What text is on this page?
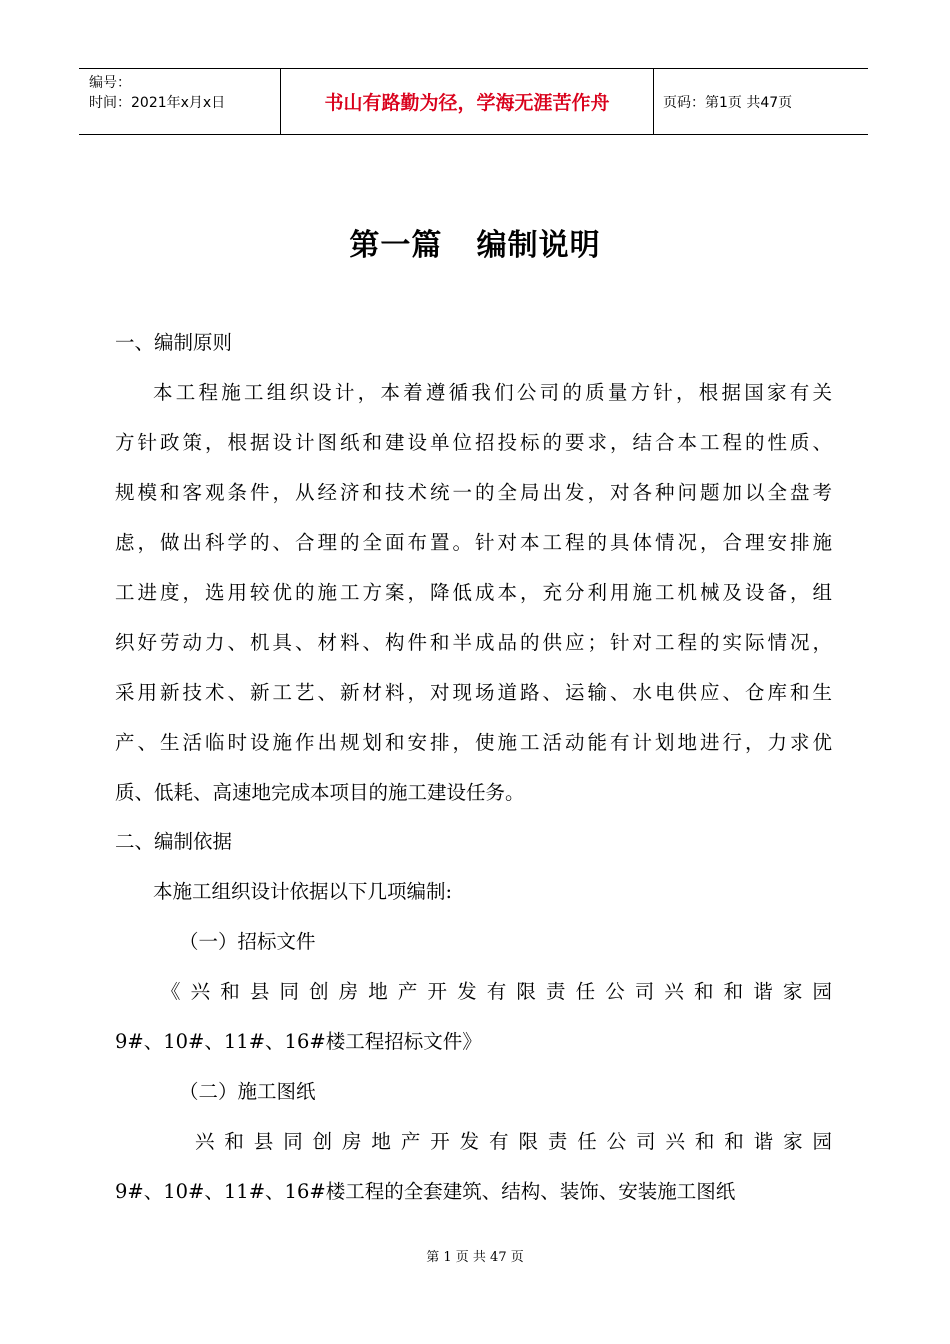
编号：
时间：2021年x月x日	书山有路勤为径，学海无涯苦作舟	页码：第1页 共47页
第一篇   编制说明
一、编制原则
本工程施工组织设计，本着遵循我们公司的质量方针，根据国家有关
方针政策，根据设计图纸和建设单位招投标的要求，结合本工程的性质、
规模和客观条件，从经济和技术统一的全局出发，对各种问题加以全盘考
虑，做出科学的、合理的全面布置。针对本工程的具体情况，合理安排施
工进度，选用较优的施工方案，降低成本，充分利用施工机械及设备，组
织好劳动力、机具、材料、构件和半成品的供应；针对工程的实际情况，
采用新技术、新工艺、新材料，对现场道路、运输、水电供应、仓库和生
产、生活临时设施作出规划和安排，使施工活动能有计划地进行，力求优
质、低耗、高速地完成本项目的施工建设任务。
二、编制依据
本施工组织设计依据以下几项编制:
（一）招标文件
《兴和县同创房地产开发有限责任公司兴和和谐家园
9#、10#、11#、16#楼工程招标文件》
（二）施工图纸
兴和县同创房地产开发有限责任公司兴和和谐家园
9#、10#、11#、16#楼工程的全套建筑、结构、装饰、安装施工图纸
第 1 页 共 47 页
